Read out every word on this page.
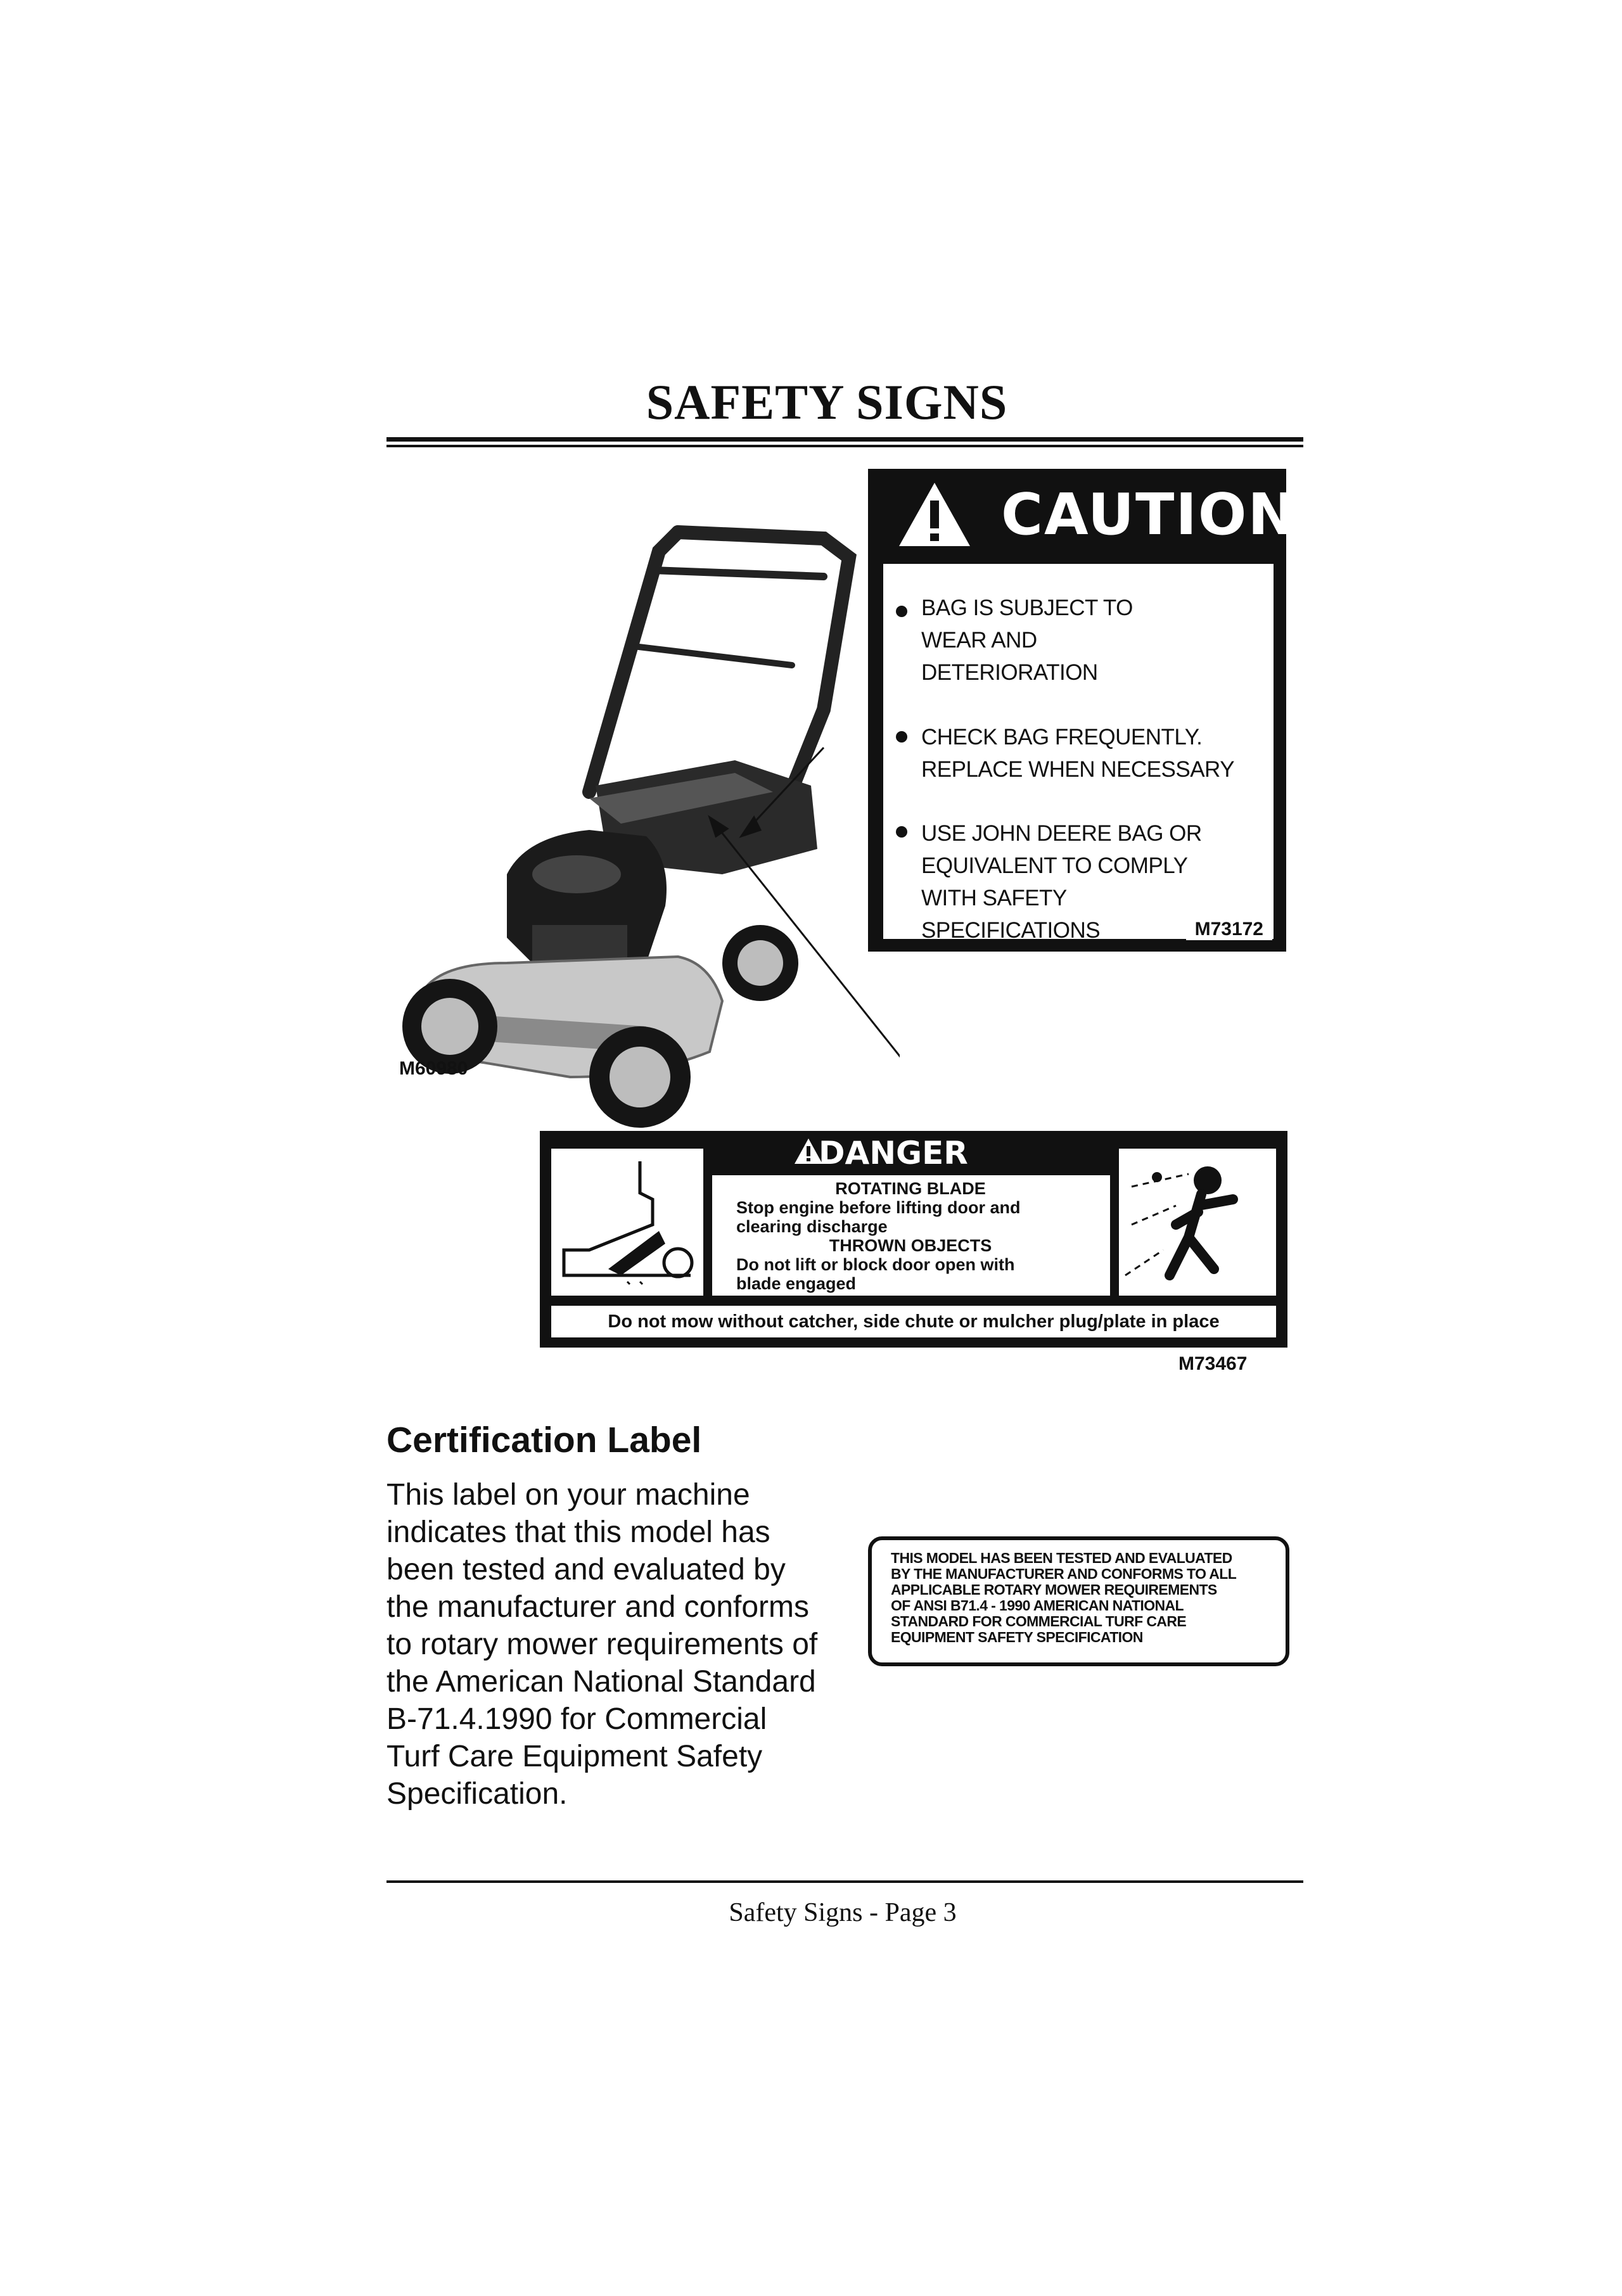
SAFETY SIGNS
M60980
CAUTION
BAG IS SUBJECT TO
WEAR AND
DETERIORATION
CHECK BAG FREQUENTLY.
REPLACE WHEN NECESSARY
USE JOHN DEERE BAG OR
EQUIVALENT TO COMPLY
WITH SAFETY
SPECIFICATIONS	M73172
DANGER
ROTATING BLADE
Stop engine before lifting door and
clearing discharge
THROWN OBJECTS
Do not lift or block door open with
blade engaged
Do not mow without catcher, side chute or mulcher plug/plate in place
M73467
Certification Label
This label on your machine
indicates that this model has
been tested and evaluated by
the manufacturer and conforms
to rotary mower requirements of
the American National Standard
B-71.4.1990 for Commercial
Turf Care Equipment Safety
Specification.
THIS MODEL HAS BEEN TESTED AND EVALUATED
BY THE MANUFACTURER AND CONFORMS TO ALL
APPLICABLE ROTARY MOWER REQUIREMENTS
OF ANSI B71.4 - 1990 AMERICAN NATIONAL
STANDARD FOR COMMERCIAL TURF CARE
EQUIPMENT SAFETY SPECIFICATION
Safety Signs - Page 3
